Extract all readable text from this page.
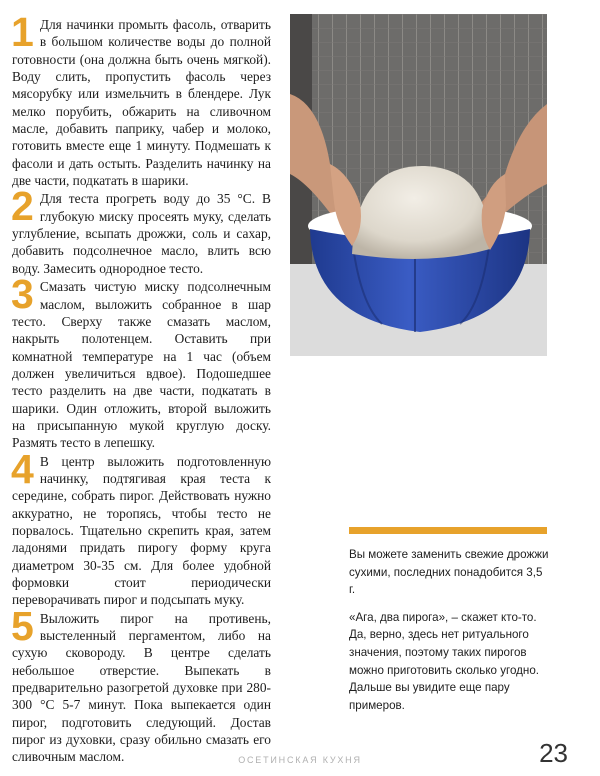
1 Для начинки промыть фасоль, отварить в большом количестве воды до полной готовности (она должна быть очень мягкой). Воду слить, пропустить фасоль через мясорубку или измельчить в блендере. Лук мелко порубить, обжарить на сливочном масле, добавить паприку, чабер и молоко, готовить вместе еще 1 минуту. Подмешать к фасоли и дать остыть. Разделить начинку на две части, подкатать в шарики.
2 Для теста прогреть воду до 35 °С. В глубокую миску просеять муку, сделать углубление, всыпать дрожжи, соль и сахар, добавить подсолнечное масло, влить всю воду. Замесить однородное тесто.
3 Смазать чистую миску подсолнечным маслом, выложить собранное в шар тесто. Сверху также смазать маслом, накрыть полотенцем. Оставить при комнатной температуре на 1 час (объем должен увеличиться вдвое). Подошедшее тесто разделить на две части, подкатать в шарики. Один отложить, второй выложить на присыпанную мукой круглую доску. Размять тесто в лепешку.
4 В центр выложить подготовленную начинку, подтягивая края теста к середине, собрать пирог. Действовать нужно аккуратно, не торопясь, чтобы тесто не порвалось. Тщательно скрепить края, затем ладонями придать пирогу форму круга диаметром 30-35 см. Для более удобной формовки стоит периодически переворачивать пирог и подсыпать муку.
5 Выложить пирог на противень, выстеленный пергаментом, либо на сухую сковороду. В центре сделать небольшое отверстие. Выпекать в предварительно разогретой духовке при 280-300 °С 5-7 минут. Пока выпекается один пирог, подготовить следующий. Достав пирог из духовки, сразу обильно смазать его сливочным маслом.

Вы можете заменить свежие дрожжи сухими, последних понадобится 3,5 г.

«Ага, два пирога», – скажет кто-то. Да, верно, здесь нет ритуального значения, поэтому таких пирогов можно приготовить сколько угодно. Дальше вы увидите еще пару примеров.

ОСЕТИНСКАЯ КУХНЯ	23
